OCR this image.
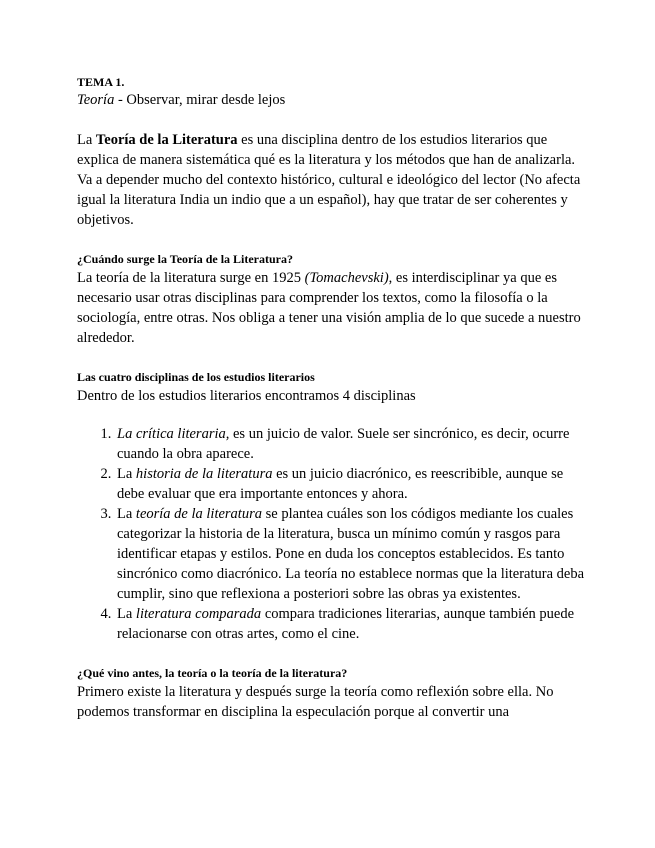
TEMA 1.

Teoría - Observar, mirar desde lejos

La Teoría de la Literatura es una disciplina dentro de los estudios literarios que explica de manera sistemática qué es la literatura y los métodos que han de analizarla. Va a depender mucho del contexto histórico, cultural e ideológico del lector (No afecta igual la literatura India un indio que a un español), hay que tratar de ser coherentes y objetivos.

¿Cuándo surge la Teoría de la Literatura?

La teoría de la literatura surge en 1925 (Tomachevski), es interdisciplinar ya que es necesario usar otras disciplinas para comprender los textos, como la filosofía o la sociología, entre otras. Nos obliga a tener una visión amplia de lo que sucede a nuestro alrededor.

Las cuatro disciplinas de los estudios literarios

Dentro de los estudios literarios encontramos 4 disciplinas

1. La crítica literaria, es un juicio de valor. Suele ser sincrónico, es decir, ocurre cuando la obra aparece.
2. La historia de la literatura es un juicio diacrónico, es reescribible, aunque se debe evaluar que era importante entonces y ahora.
3. La teoría de la literatura se plantea cuáles son los códigos mediante los cuales categorizar la historia de la literatura, busca un mínimo común y rasgos para identificar etapas y estilos. Pone en duda los conceptos establecidos. Es tanto sincrónico como diacrónico. La teoría no establece normas que la literatura deba cumplir, sino que reflexiona a posteriori sobre las obras ya existentes.
4. La literatura comparada compara tradiciones literarias, aunque también puede relacionarse con otras artes, como el cine.
¿Qué vino antes, la teoría o la teoría de la literatura?

Primero existe la literatura y después surge la teoría como reflexión sobre ella. No podemos transformar en disciplina la especulación porque al convertir una
